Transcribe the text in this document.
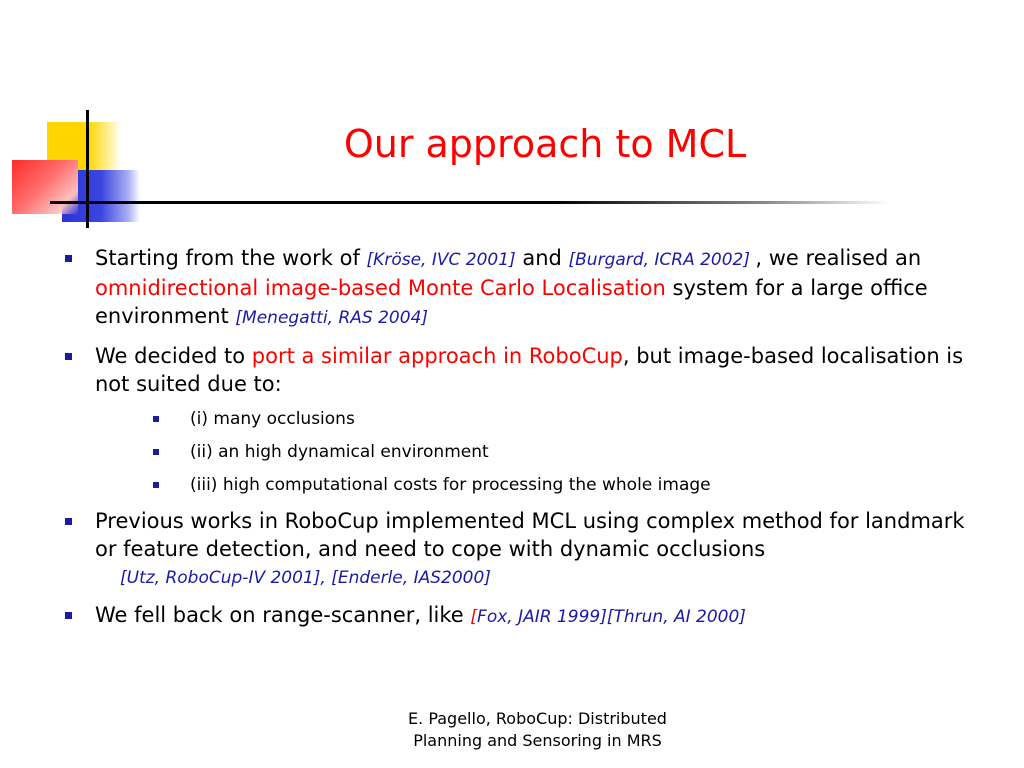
Our approach to MCL
Starting from the work of [Kröse, IVC 2001] and [Burgard, ICRA 2002] , we realised an omnidirectional image-based Monte Carlo Localisation system for a large office environment [Menegatti, RAS 2004]
We decided to port a similar approach in RoboCup, but image-based localisation is not suited due to:
(i) many occlusions
(ii) an high dynamical environment
(iii) high computational costs for processing the whole image
Previous works in RoboCup implemented MCL using complex method for landmark or feature detection, and need to cope with dynamic occlusions
[Utz, RoboCup-IV 2001], [Enderle, IAS2000]
We fell back on range-scanner, like [Fox, JAIR 1999][Thrun, AI 2000]
E. Pagello, RoboCup: Distributed
Planning and Sensoring in MRS
